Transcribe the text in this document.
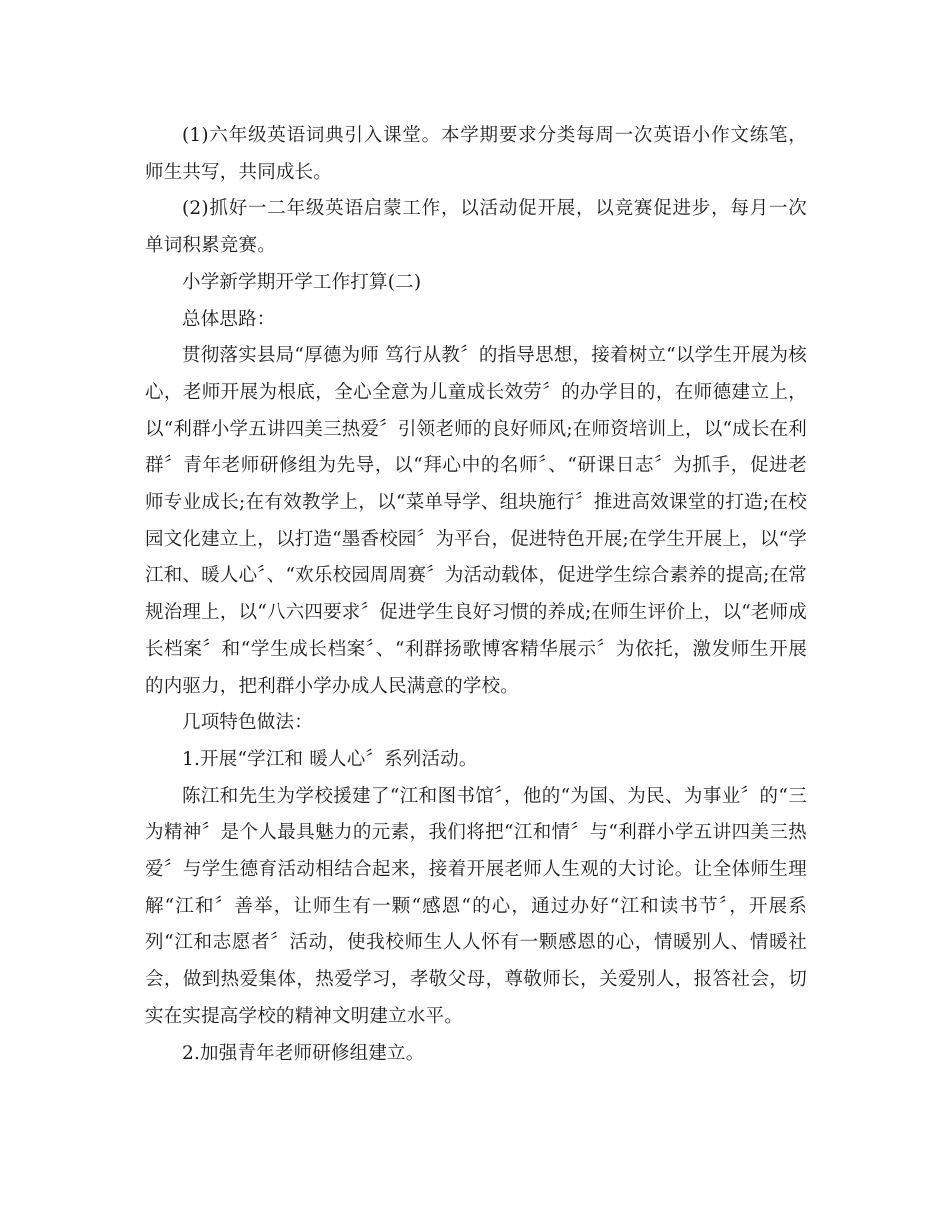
(1)六年级英语词典引入课堂。本学期要求分类每周一次英语小作文练笔，师生共写，共同成长。

(2)抓好一二年级英语启蒙工作，以活动促开展，以竞赛促进步，每月一次单词积累竞赛。

小学新学期开学工作打算(二)

总体思路：

贯彻落实县局“厚德为师 笃行从教〞的指导思想，接着树立“以学生开展为核心，老师开展为根底，全心全意为儿童成长效劳〞的办学目的，在师德建立上，以“利群小学五讲四美三热爱〞引领老师的良好师风;在师资培训上，以“成长在利群〞青年老师研修组为先导，以“拜心中的名师〞、“研课日志〞为抓手，促进老师专业成长;在有效教学上，以“菜单导学、组块施行〞推进高效课堂的打造;在校园文化建立上，以打造“墨香校园〞为平台，促进特色开展;在学生开展上，以“学江和、暖人心〞、“欢乐校园周周赛〞为活动载体，促进学生综合素养的提高;在常规治理上，以“八六四要求〞促进学生良好习惯的养成;在师生评价上，以“老师成长档案〞和“学生成长档案〞、“利群扬歌博客精华展示〞为依托，激发师生开展的内驱力，把利群小学办成人民满意的学校。

几项特色做法：

1.开展“学江和 暖人心〞系列活动。

陈江和先生为学校援建了“江和图书馆〞，他的“为国、为民、为事业〞的“三为精神〞是个人最具魅力的元素，我们将把“江和情〞与“利群小学五讲四美三热爱〞与学生德育活动相结合起来，接着开展老师人生观的大讨论。让全体师生理解“江和〞善举，让师生有一颗“感恩“的心，通过办好“江和读书节〞，开展系列“江和志愿者〞活动，使我校师生人人怀有一颗感恩的心，情暖别人、情暖社会，做到热爱集体，热爱学习，孝敬父母，尊敬师长，关爱别人，报答社会，切实在实提高学校的精神文明建立水平。

2.加强青年老师研修组建立。
